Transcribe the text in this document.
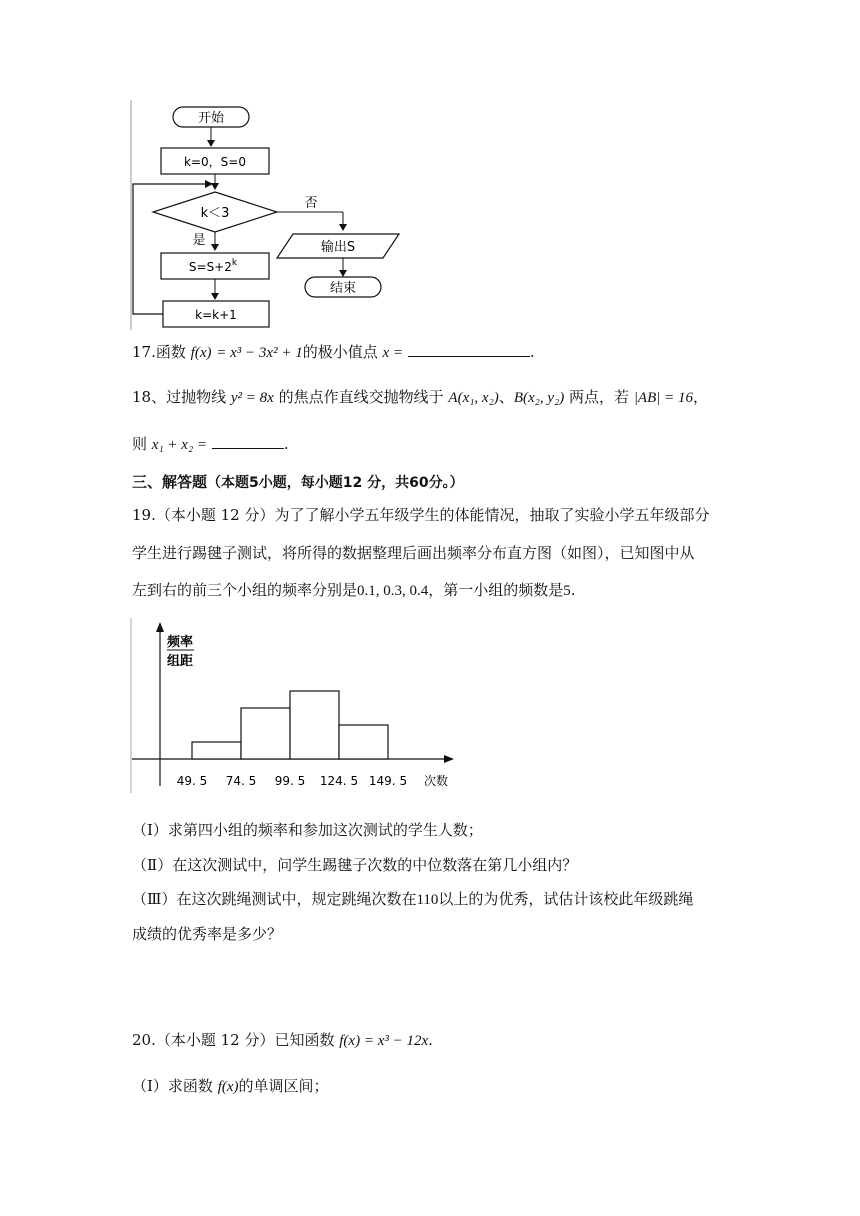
开始
k=0，S=0
k＜3
否
输出S
结束
是
$S=S+2^k$
k=k+1
17.函数 f(x) = x³ − 3x² + 1的极小值点 x =	.
18、过抛物线 y² = 8x 的焦点作直线交抛物线于 A(x₁, x₂)、B(x₂, y₂) 两点，若 |AB| = 16，
则 x₁ + x₂ =	.
三、解答题（本题5小题，每小题12 分，共60分。）
19.（本小题 12 分）为了了解小学五年级学生的体能情况，抽取了实验小学五年级部分
学生进行踢毽子测试，将所得的数据整理后画出频率分布直方图（如图），已知图中从
左到右的前三个小组的频率分别是0.1, 0.3, 0.4，第一小组的频数是5.
频率
组距
49. 5 74. 5 99. 5 124. 5 149. 5 次数
（Ⅰ）求第四小组的频率和参加这次测试的学生人数；
（Ⅱ）在这次测试中，问学生踢毽子次数的中位数落在第几小组内？
（Ⅲ）在这次跳绳测试中，规定跳绳次数在110以上的为优秀，试估计该校此年级跳绳
成绩的优秀率是多少？
20.（本小题 12 分）已知函数 f(x) = x³ − 12x.
（Ⅰ）求函数 f(x)的单调区间；
